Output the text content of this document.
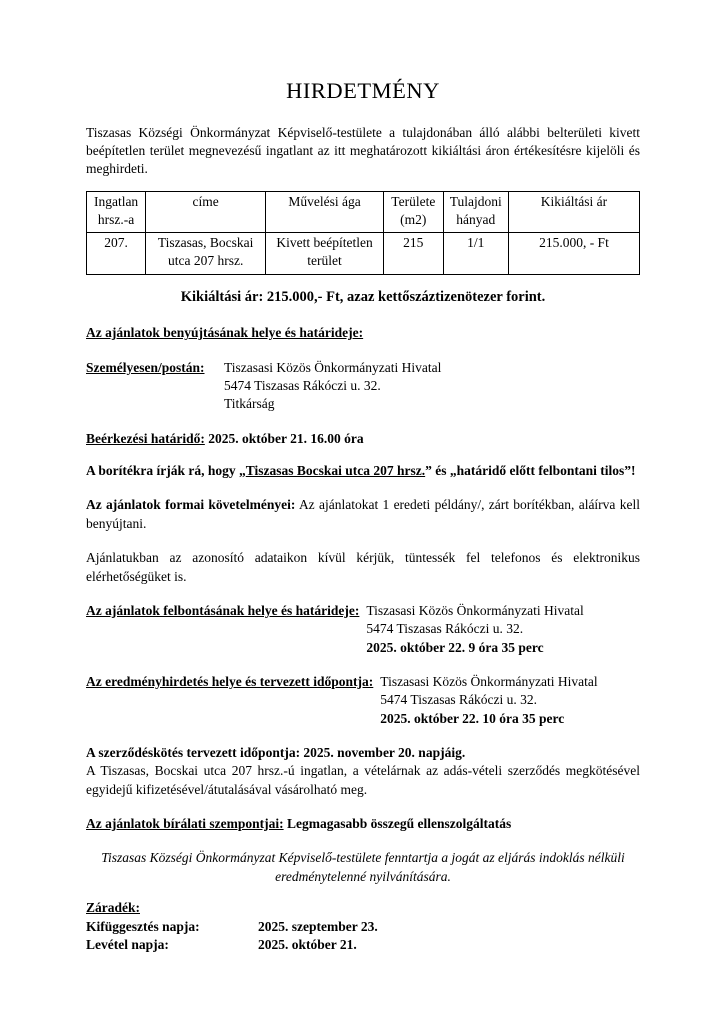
HIRDETMÉNY

Tiszasas Községi Önkormányzat Képviselő-testülete a tulajdonában álló alábbi belterületi kivett beépítetlen terület megnevezésű ingatlant az itt meghatározott kikiáltási áron értékesítésre kijelöli és meghirdeti.

Ingatlan hrsz.-a	címe	Művelési ága	Területe (m2)	Tulajdoni hányad	Kikiáltási ár
207.	Tiszasas, Bocskai utca 207 hrsz.	Kivett beépítetlen terület	215	1/1	215.000, - Ft

Kikiáltási ár: 215.000,- Ft, azaz kettőszáztizenötezer forint.

Az ajánlatok benyújtásának helye és határideje:

Személyesen/postán:	Tiszasasi Közös Önkormányzati Hivatal
5474 Tiszasas Rákóczi u. 32.
Titkárság

Beérkezési határidő: 2025. október 21. 16.00 óra

A borítékra írják rá, hogy „Tiszasas Bocskai utca 207 hrsz.” és „határidő előtt felbontani tilos”!

Az ajánlatok formai követelményei: Az ajánlatokat 1 eredeti példány/, zárt borítékban, aláírva kell benyújtani.

Ajánlatukban az azonosító adataikon kívül kérjük, tüntessék fel telefonos és elektronikus elérhetőségüket is.

Az ajánlatok felbontásának helye és határideje: Tiszasasi Közös Önkormányzati Hivatal
5474 Tiszasas Rákóczi u. 32.
2025. október 22. 9 óra 35 perc
Az eredményhirdetés helye és tervezett időpontja: Tiszasasi Közös Önkormányzati Hivatal
5474 Tiszasas Rákóczi u. 32.
2025. október 22. 10 óra 35 perc

A szerződéskötés tervezett időpontja: 2025. november 20. napjáig.

A Tiszasas, Bocskai utca 207 hrsz.-ú ingatlan, a vételárnak az adás-vételi szerződés megkötésével egyidejű kifizetésével/átutalásával vásárolható meg.

Az ajánlatok bírálati szempontjai: Legmagasabb összegű ellenszolgáltatás

Tiszasas Községi Önkormányzat Képviselő-testülete fenntartja a jogát az eljárás indoklás nélküli eredménytelenné nyilvánítására.

Záradék:

Kifüggesztés napja:	2025. szeptember 23.
Levétel napja:	2025. október 21.
